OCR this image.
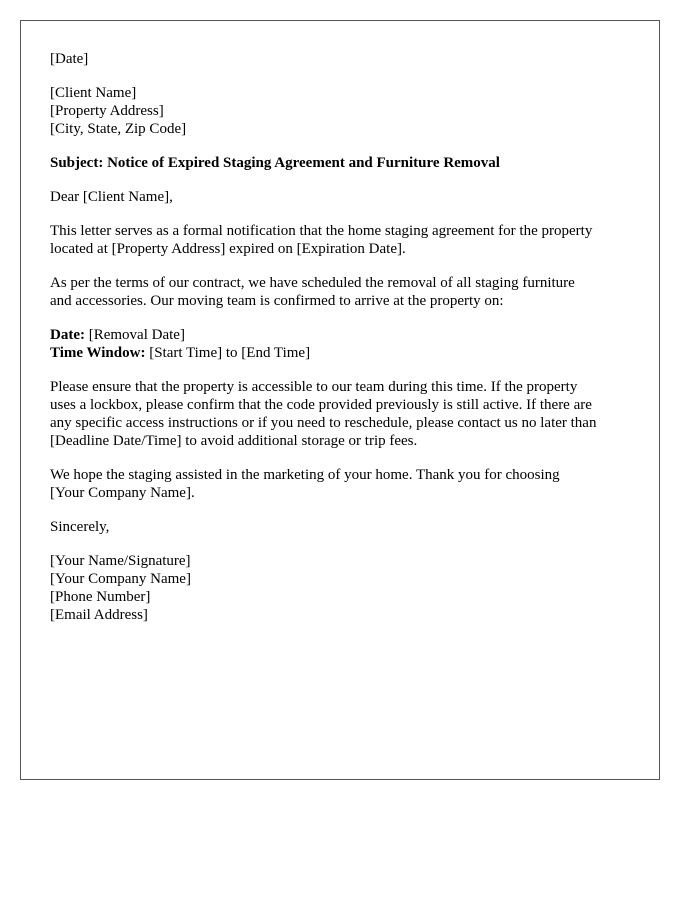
[Date]
[Client Name]
[Property Address]
[City, State, Zip Code]
Subject: Notice of Expired Staging Agreement and Furniture Removal
Dear [Client Name],
This letter serves as a formal notification that the home staging agreement for the property
located at [Property Address] expired on [Expiration Date].
As per the terms of our contract, we have scheduled the removal of all staging furniture
and accessories. Our moving team is confirmed to arrive at the property on:
Date: [Removal Date]
Time Window: [Start Time] to [End Time]
Please ensure that the property is accessible to our team during this time. If the property
uses a lockbox, please confirm that the code provided previously is still active. If there are
any specific access instructions or if you need to reschedule, please contact us no later than
[Deadline Date/Time] to avoid additional storage or trip fees.
We hope the staging assisted in the marketing of your home. Thank you for choosing
[Your Company Name].
Sincerely,
[Your Name/Signature]
[Your Company Name]
[Phone Number]
[Email Address]
